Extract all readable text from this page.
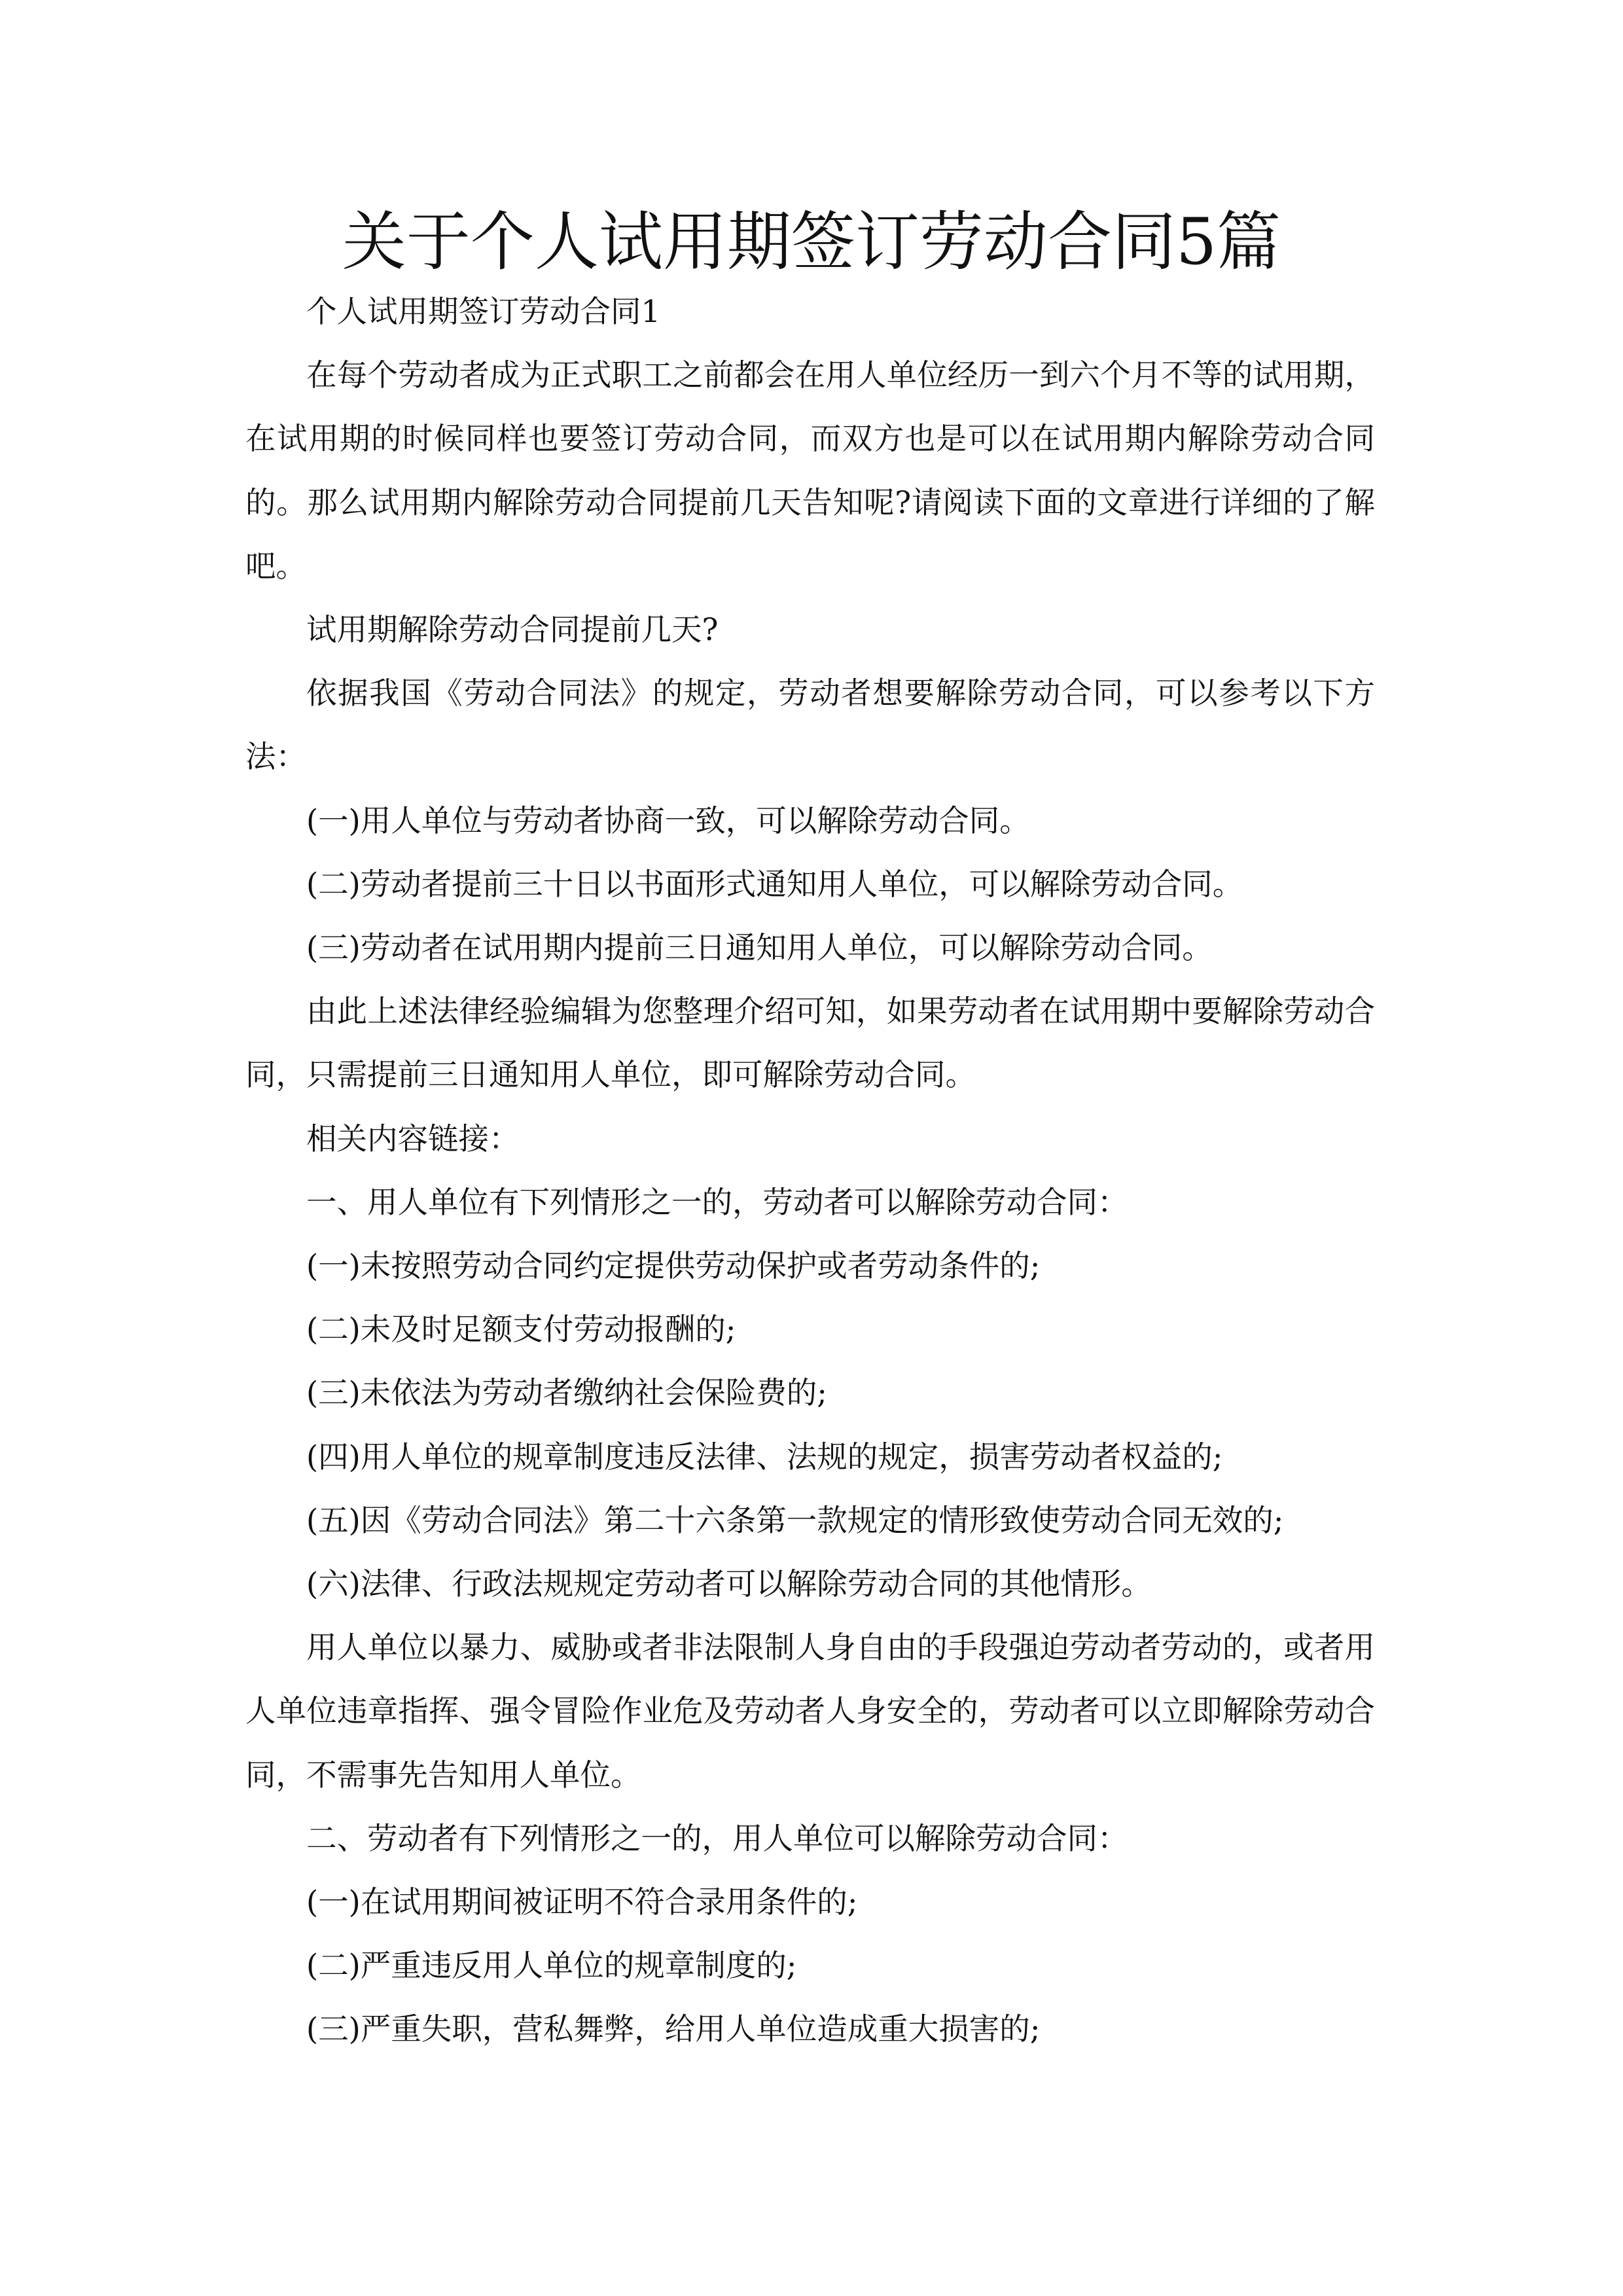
关于个人试用期签订劳动合同5篇

个人试用期签订劳动合同1

在每个劳动者成为正式职工之前都会在用人单位经历一到六个月不等的试用期，在试用期的时候同样也要签订劳动合同，而双方也是可以在试用期内解除劳动合同的。那么试用期内解除劳动合同提前几天告知呢?请阅读下面的文章进行详细的了解吧。

试用期解除劳动合同提前几天?

依据我国《劳动合同法》的规定，劳动者想要解除劳动合同，可以参考以下方法：

(一)用人单位与劳动者协商一致，可以解除劳动合同。

(二)劳动者提前三十日以书面形式通知用人单位，可以解除劳动合同。

(三)劳动者在试用期内提前三日通知用人单位，可以解除劳动合同。

由此上述法律经验编辑为您整理介绍可知，如果劳动者在试用期中要解除劳动合同，只需提前三日通知用人单位，即可解除劳动合同。

相关内容链接：

一、用人单位有下列情形之一的，劳动者可以解除劳动合同：

(一)未按照劳动合同约定提供劳动保护或者劳动条件的;

(二)未及时足额支付劳动报酬的;

(三)未依法为劳动者缴纳社会保险费的;

(四)用人单位的规章制度违反法律、法规的规定，损害劳动者权益的;

(五)因《劳动合同法》第二十六条第一款规定的情形致使劳动合同无效的;

(六)法律、行政法规规定劳动者可以解除劳动合同的其他情形。

用人单位以暴力、威胁或者非法限制人身自由的手段强迫劳动者劳动的，或者用人单位违章指挥、强令冒险作业危及劳动者人身安全的，劳动者可以立即解除劳动合同，不需事先告知用人单位。

二、劳动者有下列情形之一的，用人单位可以解除劳动合同：

(一)在试用期间被证明不符合录用条件的;

(二)严重违反用人单位的规章制度的;

(三)严重失职，营私舞弊，给用人单位造成重大损害的;
